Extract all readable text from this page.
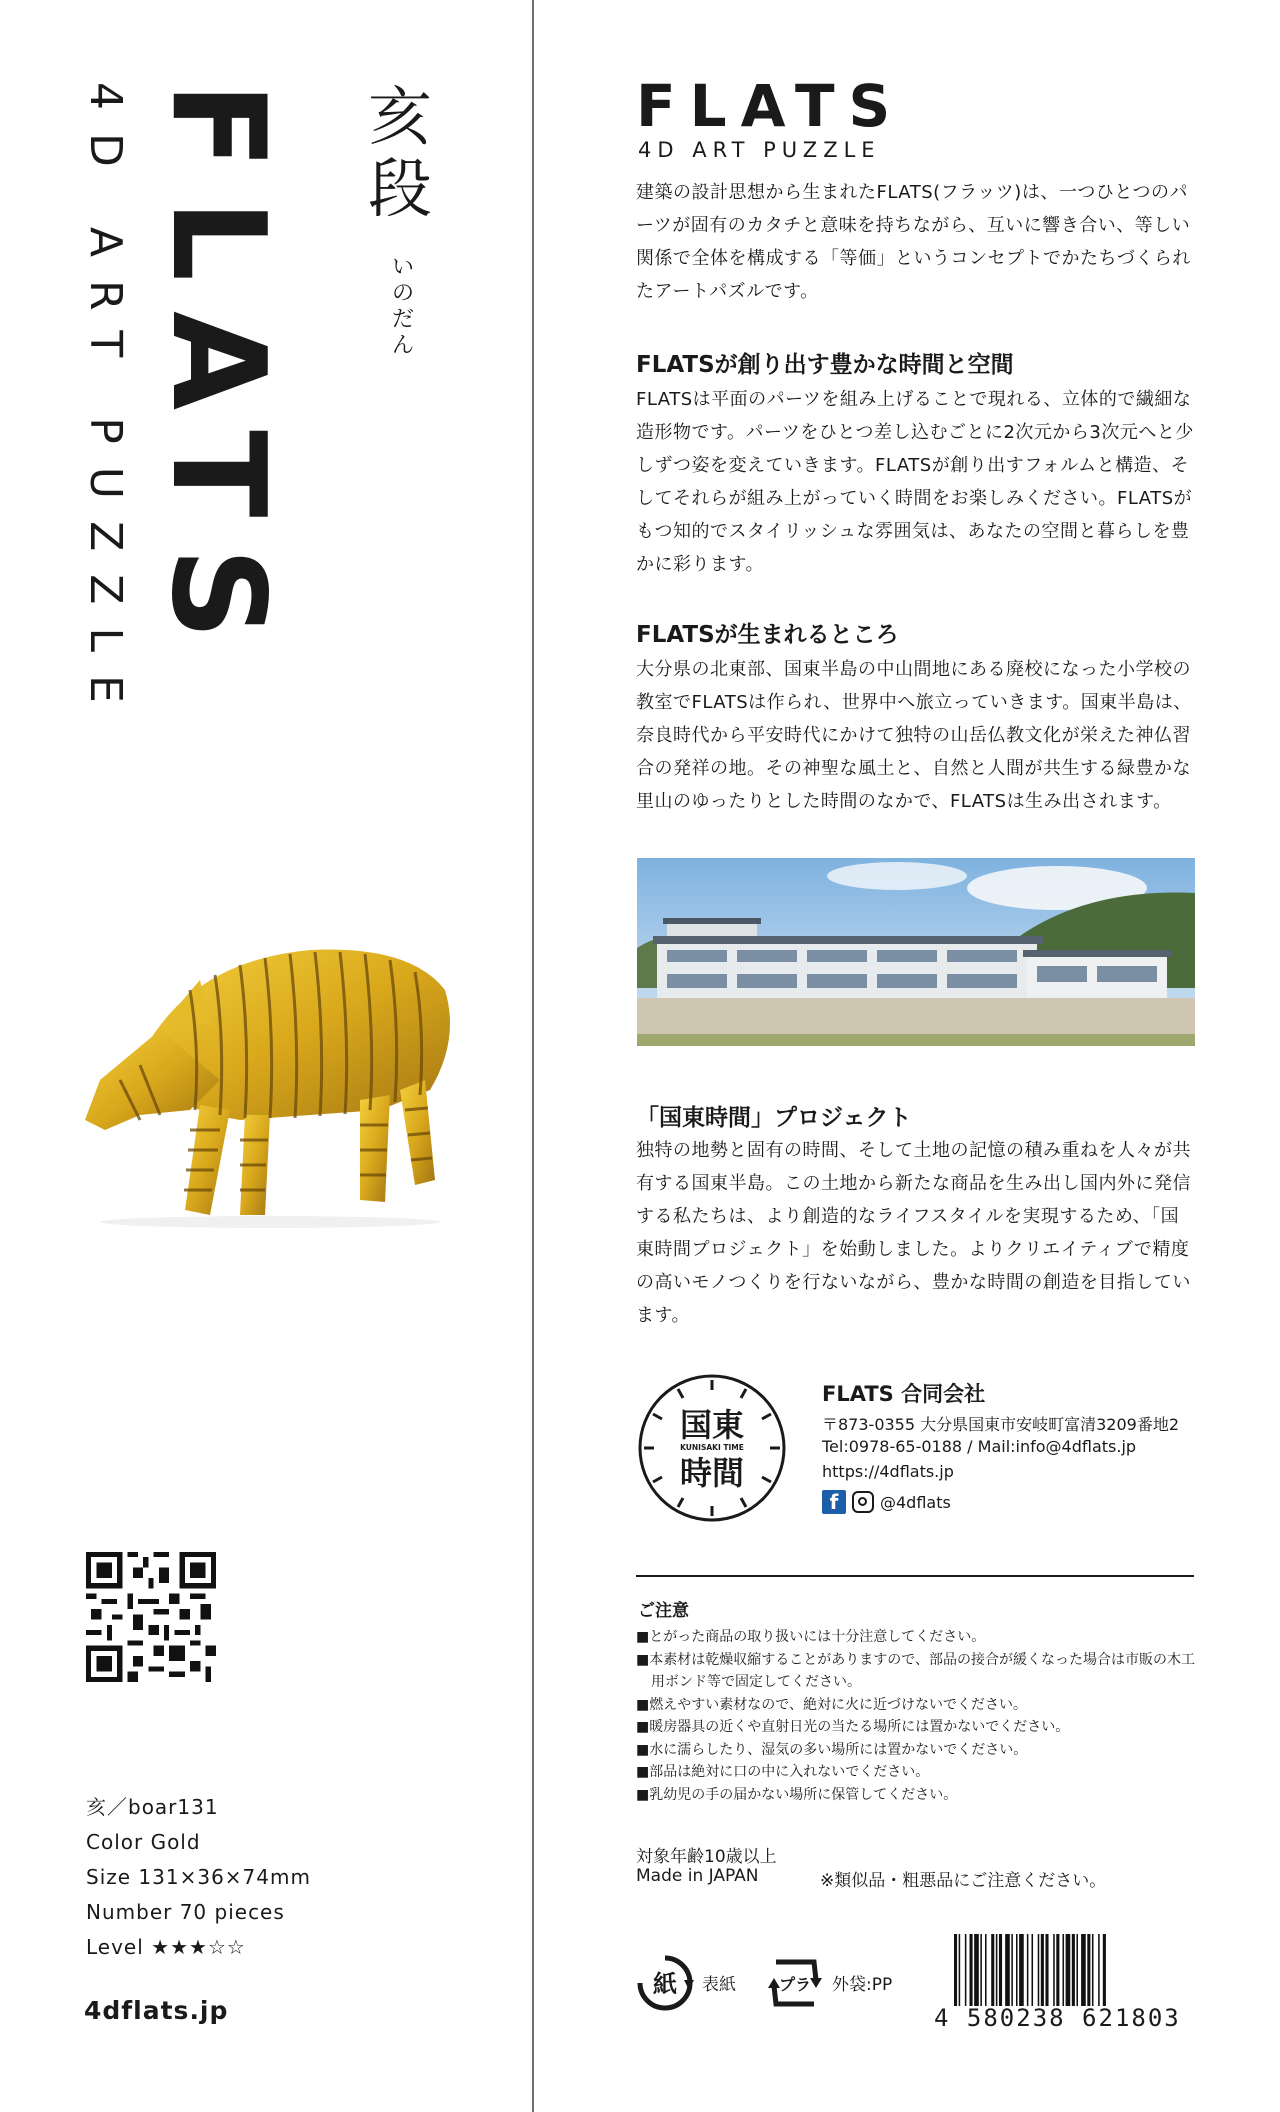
4D ART PUZZLE FLATS 亥
段
い
の
だ
ん
亥／boar131
Color Gold
Size 131×36×74mm
Number 70 pieces
Level ★★★☆☆
4dflats.jp
FLATS
4D ART PUZZLE
建築の設計思想から生まれたFLATS(フラッツ)は、一つひとつのパーツが固有のカタチと意味を持ちながら、互いに響き合い、等しい関係で全体を構成する「等価」というコンセプトでかたちづくられたアートパズルです。
FLATSが創り出す豊かな時間と空間
FLATSは平面のパーツを組み上げることで現れる、立体的で繊細な造形物です。パーツをひとつ差し込むごとに2次元から3次元へと少しずつ姿を変えていきます。FLATSが創り出すフォルムと構造、そしてそれらが組み上がっていく時間をお楽しみください。FLATSがもつ知的でスタイリッシュな雰囲気は、あなたの空間と暮らしを豊かに彩ります。
FLATSが生まれるところ
大分県の北東部、国東半島の中山間地にある廃校になった小学校の教室でFLATSは作られ、世界中へ旅立っていきます。国東半島は、奈良時代から平安時代にかけて独特の山岳仏教文化が栄えた神仏習合の発祥の地。その神聖な風土と、自然と人間が共生する緑豊かな里山のゆったりとした時間のなかで、FLATSは生み出されます。
「国東時間」プロジェクト
独特の地勢と固有の時間、そして土地の記憶の積み重ねを人々が共有する国東半島。この土地から新たな商品を生み出し国内外に発信する私たちは、より創造的なライフスタイルを実現するため、「国東時間プロジェクト」を始動しました。よりクリエイティブで精度の高いモノつくりを行ないながら、豊かな時間の創造を目指しています。
国東
KUNISAKI TIME
時間
FLATS 合同会社
〒873-0355 大分県国東市安岐町富清3209番地2
Tel:0978-65-0188 / Mail:info@4dflats.jp
https://4dflats.jp
f	@4dflats
ご注意
■とがった商品の取り扱いには十分注意してください。
■本素材は乾燥収縮することがありますので、部品の接合が緩くなった場合は市販の木工用ボンド等で固定してください。
■燃えやすい素材なので、絶対に火に近づけないでください。
■暖房器具の近くや直射日光の当たる場所には置かないでください。
■水に濡らしたり、湿気の多い場所には置かないでください。
■部品は絶対に口の中に入れないでください。
■乳幼児の手の届かない場所に保管してください。
対象年齢10歳以上
Made in JAPAN	※類似品・粗悪品にご注意ください。
紙 表紙	プラ 外袋:PP
4 580238 621803
